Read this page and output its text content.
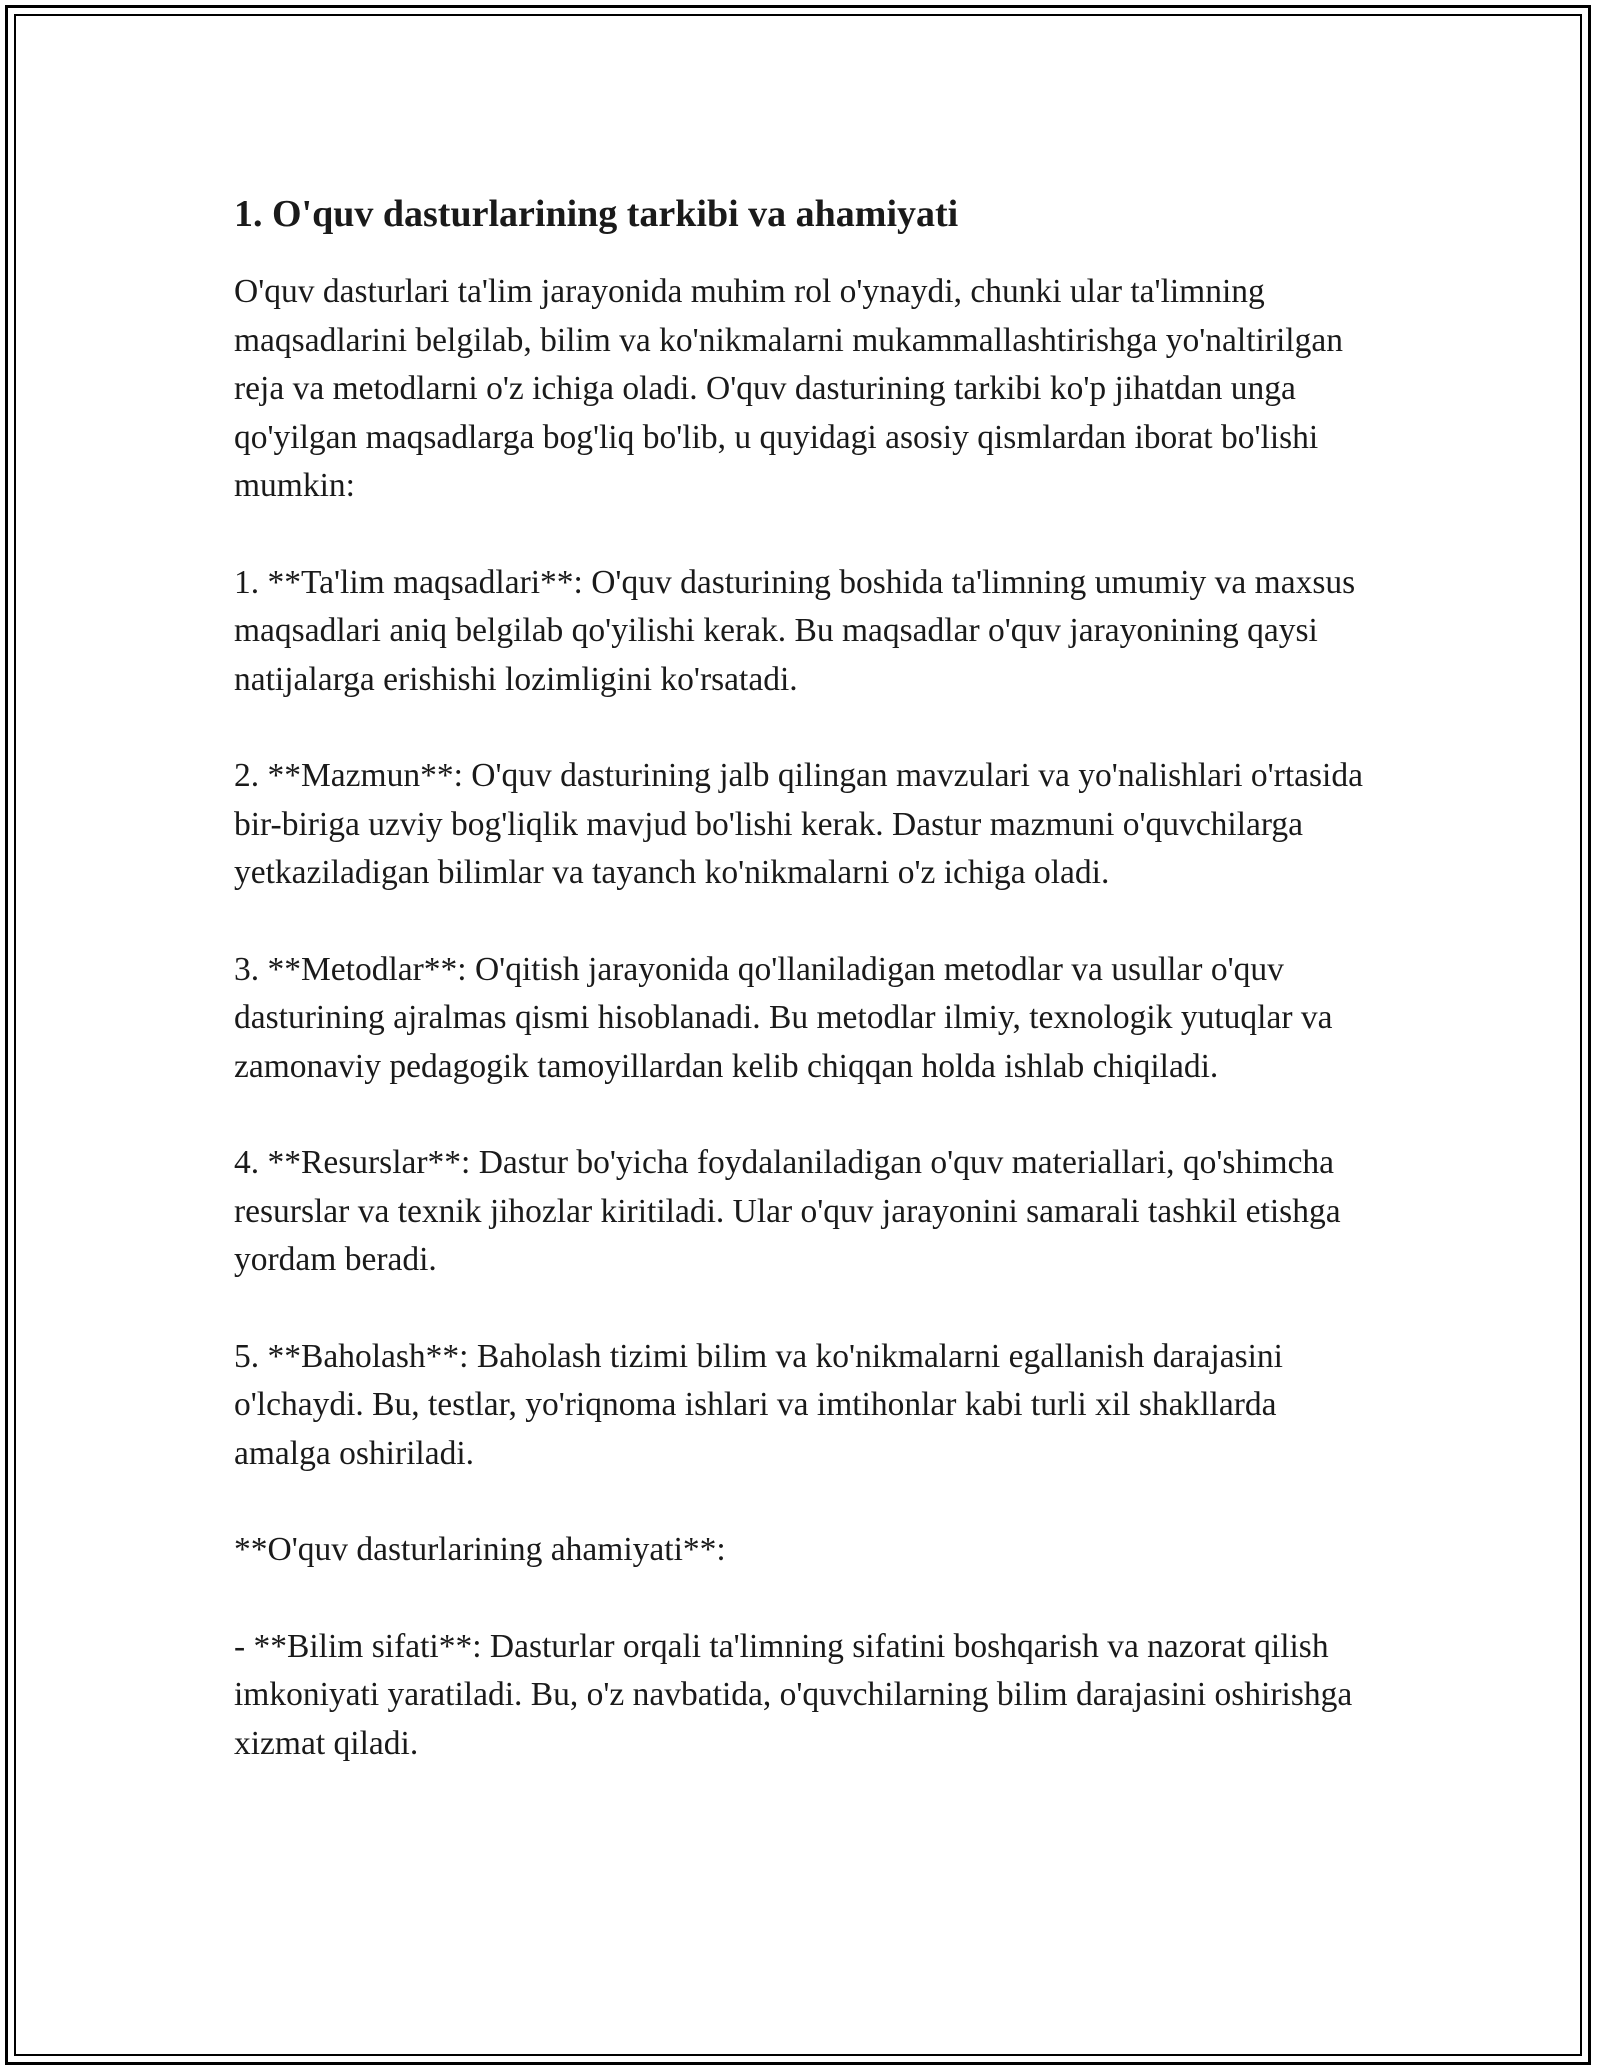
1. O'quv dasturlarining tarkibi va ahamiyati

O'quv dasturlari ta'lim jarayonida muhim rol o'ynaydi, chunki ular ta'limning maqsadlarini belgilab, bilim va ko'nikmalarni mukammallashtirishga yo'naltirilgan reja va metodlarni o'z ichiga oladi. O'quv dasturining tarkibi ko'p jihatdan unga qo'yilgan maqsadlarga bog'liq bo'lib, u quyidagi asosiy qismlardan iborat bo'lishi mumkin:

1. **Ta'lim maqsadlari**: O'quv dasturining boshida ta'limning umumiy va maxsus maqsadlari aniq belgilab qo'yilishi kerak. Bu maqsadlar o'quv jarayonining qaysi natijalarga erishishi lozimligini ko'rsatadi.

2. **Mazmun**: O'quv dasturining jalb qilingan mavzulari va yo'nalishlari o'rtasida bir-biriga uzviy bog'liqlik mavjud bo'lishi kerak. Dastur mazmuni o'quvchilarga yetkaziladigan bilimlar va tayanch ko'nikmalarni o'z ichiga oladi.

3. **Metodlar**: O'qitish jarayonida qo'llaniladigan metodlar va usullar o'quv dasturining ajralmas qismi hisoblanadi. Bu metodlar ilmiy, texnologik yutuqlar va zamonaviy pedagogik tamoyillardan kelib chiqqan holda ishlab chiqiladi.

4. **Resurslar**: Dastur bo'yicha foydalaniladigan o'quv materiallari, qo'shimcha resurslar va texnik jihozlar kiritiladi. Ular o'quv jarayonini samarali tashkil etishga yordam beradi.

5. **Baholash**: Baholash tizimi bilim va ko'nikmalarni egallanish darajasini o'lchaydi. Bu, testlar, yo'riqnoma ishlari va imtihonlar kabi turli xil shakllarda amalga oshiriladi.

**O'quv dasturlarining ahamiyati**:

- **Bilim sifati**: Dasturlar orqali ta'limning sifatini boshqarish va nazorat qilish imkoniyati yaratiladi. Bu, o'z navbatida, o'quvchilarning bilim darajasini oshirishga xizmat qiladi.
